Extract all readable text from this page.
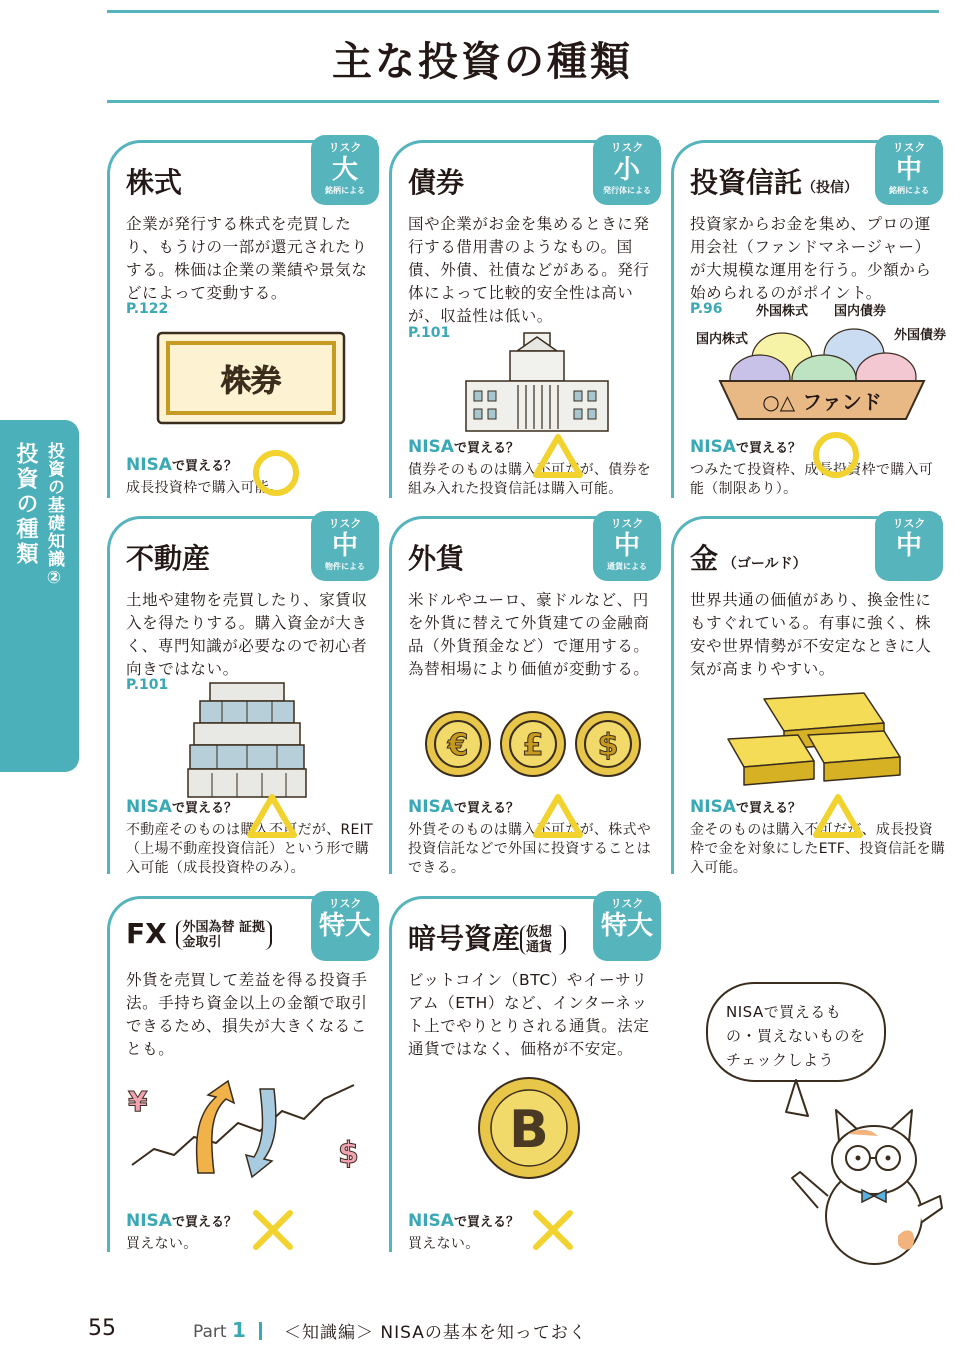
主な投資の種類
投資の基礎知識②
投資の種類
株式
リスク
大
銘柄による
企業が発行する株式を売買したり、もうけの一部が還元されたりする。株価は企業の業績や景気などによって変動する。
P.122
株券
NISAで買える？
成長投資枠で購入可能。
債券
リスク
小
発行体による
国や企業がお金を集めるときに発行する借用書のようなもの。国債、外債、社債などがある。発行体によって比較的安全性は高いが、収益性は低い。
P.101
NISAで買える？
債券そのものは購入不可だが、債券を組み入れた投資信託は購入可能。
投資信託（投信）
リスク
中
銘柄による
投資家からお金を集め、プロの運用会社（ファンドマネージャー）が大規模な運用を行う。少額から始められるのがポイント。
P.96	外国株式 国内債券
国内株式	外国債券
○△ ファンド
NISAで買える？
つみたて投資枠、成長投資枠で購入可能（制限あり）。
不動産
リスク
中
物件による
土地や建物を売買したり、家賃収入を得たりする。購入資金が大きく、専門知識が必要なので初心者向きではない。
P.101
NISAで買える？
不動産そのものは購入不可だが、REIT（上場不動産投資信託）という形で購入可能（成長投資枠のみ）。
外貨
リスク
中
通貨による
米ドルやユーロ、豪ドルなど、円を外貨に替えて外貨建ての金融商品（外貨預金など）で運用する。為替相場により価値が変動する。
€ £ $
NISAで買える？
外貨そのものは購入不可だが、株式や投資信託などで外国に投資することはできる。
金 （ゴールド）
リスク
中
世界共通の価値があり、換金性にもすぐれている。有事に強く、株安や世界情勢が不安定なときに人気が高まりやすい。
NISAで買える？
金そのものは購入不可だが、成長投資枠で金を対象にしたETF、投資信託を購入可能。
FX 外国為替 証拠金取引
リスク
特大
外貨を売買して差益を得る投資手法。手持ち資金以上の金額で取引できるため、損失が大きくなることも。
¥
$
NISAで買える？
買えない。
暗号資産 仮想 通貨
リスク
特大
ビットコイン（BTC）やイーサリアム（ETH）など、インターネット上でやりとりされる通貨。法定通貨ではなく、価格が不安定。
B
NISAで買える？
買えない。
NISAで買えるもの・買えないものをチェックしよう
55	Part 1 ＜知識編＞ NISAの基本を知っておく
